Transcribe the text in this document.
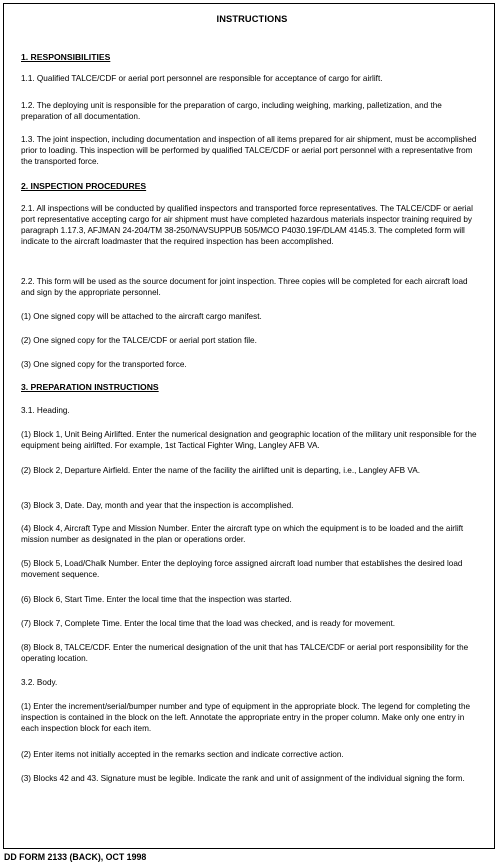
INSTRUCTIONS
1. RESPONSIBILITIES

1.1. Qualified TALCE/CDF or aerial port personnel are responsible for acceptance of cargo for airlift.

1.2. The deploying unit is responsible for the preparation of cargo, including weighing, marking, palletization, and the preparation of all documentation.

1.3. The joint inspection, including documentation and inspection of all items prepared for air shipment, must be accomplished prior to loading. This inspection will be performed by qualified TALCE/CDF or aerial port personnel with a representative from the transported force.

2. INSPECTION PROCEDURES

2.1. All inspections will be conducted by qualified inspectors and transported force representatives. The TALCE/CDF or aerial port representative accepting cargo for air shipment must have completed hazardous materials inspector training required by paragraph 1.17.3, AFJMAN 24-204/TM 38-250/NAVSUPPUB 505/MCO P4030.19F/DLAM 4145.3. The completed form will indicate to the aircraft loadmaster that the required inspection has been accomplished.

2.2. This form will be used as the source document for joint inspection. Three copies will be completed for each aircraft load and sign by the appropriate personnel.

(1) One signed copy will be attached to the aircraft cargo manifest.

(2) One signed copy for the TALCE/CDF or aerial port station file.

(3) One signed copy for the transported force.

3. PREPARATION INSTRUCTIONS

3.1. Heading.

(1) Block 1, Unit Being Airlifted. Enter the numerical designation and geographic location of the military unit responsible for the equipment being airlifted. For example, 1st Tactical Fighter Wing, Langley AFB VA.

(2) Block 2, Departure Airfield. Enter the name of the facility the airlifted unit is departing, i.e., Langley AFB VA.

(3) Block 3, Date. Day, month and year that the inspection is accomplished.

(4) Block 4, Aircraft Type and Mission Number. Enter the aircraft type on which the equipment is to be loaded and the airlift mission number as designated in the plan or operations order.

(5) Block 5, Load/Chalk Number. Enter the deploying force assigned aircraft load number that establishes the desired load movement sequence.

(6) Block 6, Start Time. Enter the local time that the inspection was started.

(7) Block 7, Complete Time. Enter the local time that the load was checked, and is ready for movement.

(8) Block 8, TALCE/CDF. Enter the numerical designation of the unit that has TALCE/CDF or aerial port responsibility for the operating location.

3.2. Body.

(1) Enter the increment/serial/bumper number and type of equipment in the appropriate block. The legend for completing the inspection is contained in the block on the left. Annotate the appropriate entry in the proper column. Make only one entry in each inspection block for each item.

(2) Enter items not initially accepted in the remarks section and indicate corrective action.

(3) Blocks 42 and 43. Signature must be legible. Indicate the rank and unit of assignment of the individual signing the form.

DD FORM 2133 (BACK), OCT 1998
